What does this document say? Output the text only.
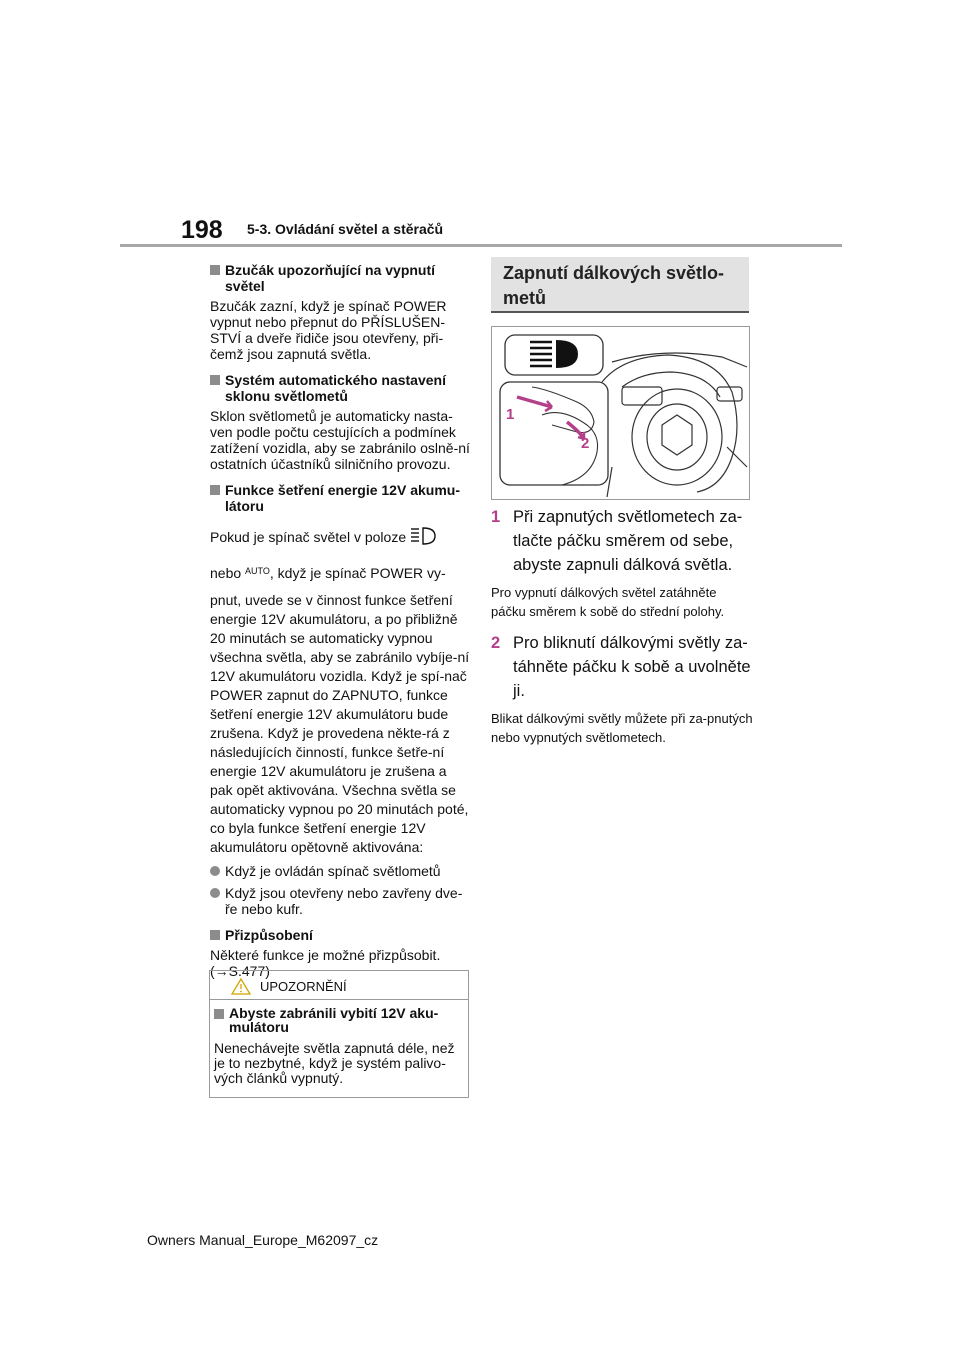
198 5-3. Ovládání světel a stěračů
Bzučák upozorňující na vypnutí světel
Bzučák zazní, když je spínač POWER vypnut nebo přepnut do PŘÍSLUŠEN-STVÍ a dveře řidiče jsou otevřeny, při-čemž jsou zapnutá světla.
Systém automatického nastavení sklonu světlometů
Sklon světlometů je automaticky nasta-ven podle počtu cestujících a podmínek zatížení vozidla, aby se zabránilo oslně-ní ostatních účastníků silničního provozu.
Funkce šetření energie 12V akumu-látoru
Pokud je spínač světel v poloze
nebo $^{AUTO}$, když je spínač POWER vy-
pnut, uvede se v činnost funkce šetření energie 12V akumulátoru, a po přibližně 20 minutách se automaticky vypnou všechna světla, aby se zabránilo vybíje-ní 12V akumulátoru vozidla. Když je spí-nač POWER zapnut do ZAPNUTO, funkce šetření energie 12V akumulátoru bude zrušena. Když je provedena někte-rá z následujících činností, funkce šetře-ní energie 12V akumulátoru je zrušena a pak opět aktivována. Všechna světla se automaticky vypnou po 20 minutách poté, co byla funkce šetření energie 12V akumulátoru opětovně aktivována:
Když je ovládán spínač světlometů
Když jsou otevřeny nebo zavřeny dve-ře nebo kufr.
Přizpůsobení
Některé funkce je možné přizpůsobit. (→S.477)
UPOZORNĚNÍ
Abyste zabránili vybití 12V aku-mulátoru
Nenechávejte světla zapnutá déle, než je to nezbytné, když je systém palivo-vých článků vypnutý.
Zapnutí dálkových světlo-metů
1
2
1 Při zapnutých světlometech za-tlačte páčku směrem od sebe, abyste zapnuli dálková světla.
Pro vypnutí dálkových světel zatáhněte páčku směrem k sobě do střední polohy.
2 Pro bliknutí dálkovými světly za-táhněte páčku k sobě a uvolněte ji.
Blikat dálkovými světly můžete při za-pnutých nebo vypnutých světlometech.
Owners Manual_Europe_M62097_cz
